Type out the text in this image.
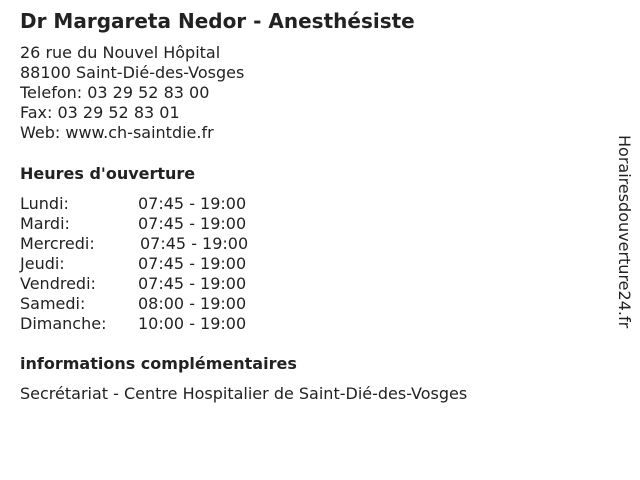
Dr Margareta Nedor - Anesthésiste
26 rue du Nouvel Hôpital
88100 Saint-Dié-des-Vosges
Telefon: 03 29 52 83 00
Fax: 03 29 52 83 01
Web: www.ch-saintdie.fr
Heures d'ouverture
Lundi:	07:45 - 19:00
Mardi:	07:45 - 19:00
Mercredi:	07:45 - 19:00
Jeudi:	07:45 - 19:00
Vendredi:	07:45 - 19:00
Samedi:	08:00 - 19:00
Dimanche: 10:00 - 19:00
informations complémentaires
Secrétariat - Centre Hospitalier de Saint-Dié-des-Vosges
Horairesdouverture24.fr
